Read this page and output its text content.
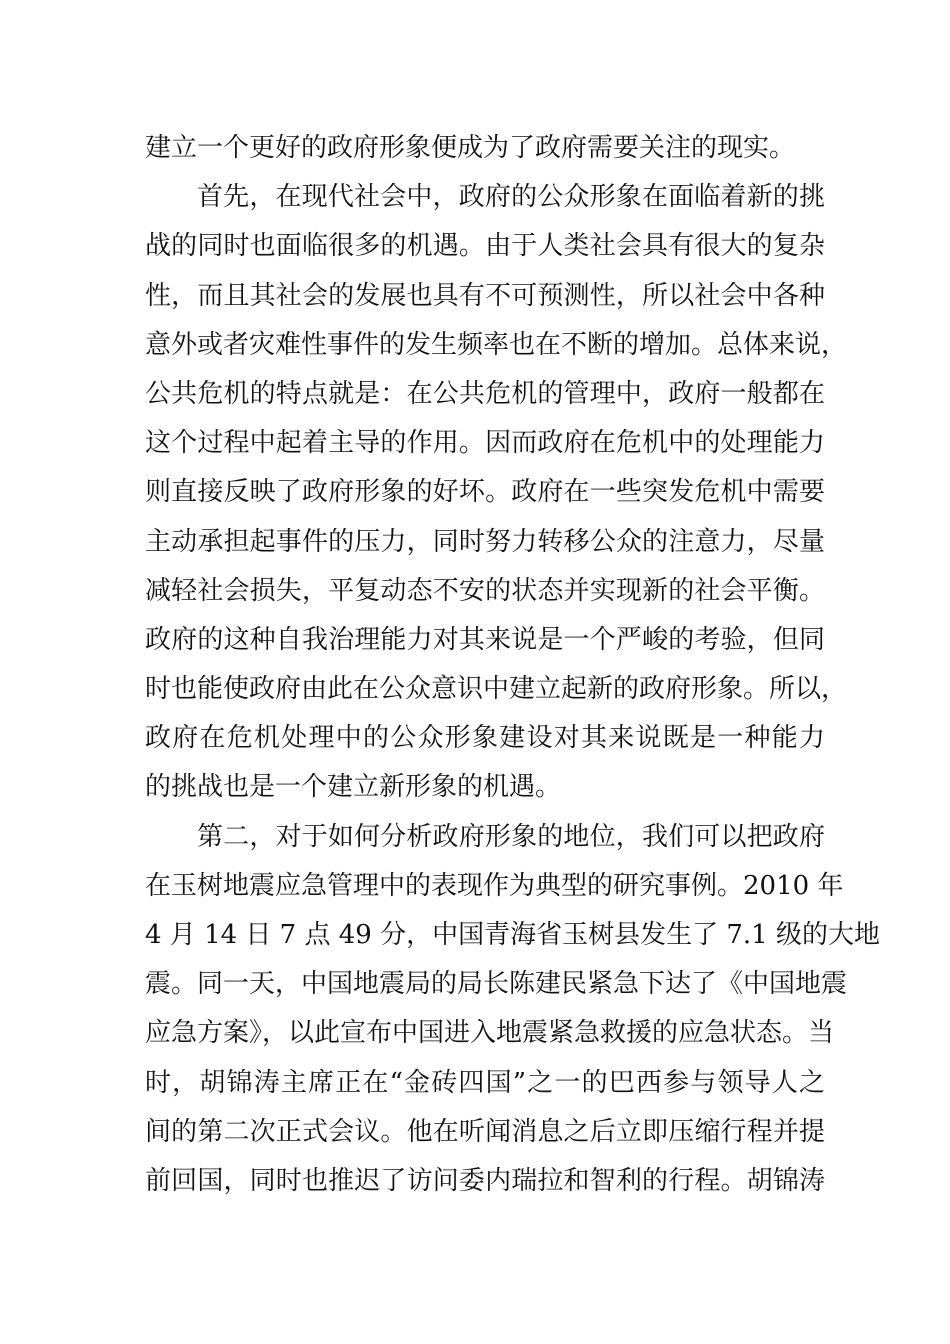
建立一个更好的政府形象便成为了政府需要关注的现实。
首先，在现代社会中，政府的公众形象在面临着新的挑
战的同时也面临很多的机遇。由于人类社会具有很大的复杂
性，而且其社会的发展也具有不可预测性，所以社会中各种
意外或者灾难性事件的发生频率也在不断的增加。总体来说，
公共危机的特点就是：在公共危机的管理中，政府一般都在
这个过程中起着主导的作用。因而政府在危机中的处理能力
则直接反映了政府形象的好坏。政府在一些突发危机中需要
主动承担起事件的压力，同时努力转移公众的注意力，尽量
减轻社会损失，平复动态不安的状态并实现新的社会平衡。
政府的这种自我治理能力对其来说是一个严峻的考验，但同
时也能使政府由此在公众意识中建立起新的政府形象。所以，
政府在危机处理中的公众形象建设对其来说既是一种能力
的挑战也是一个建立新形象的机遇。
第二，对于如何分析政府形象的地位，我们可以把政府
在玉树地震应急管理中的表现作为典型的研究事例。2010 年
4 月 14 日 7 点 49 分，中国青海省玉树县发生了 7.1 级的大地
震。同一天，中国地震局的局长陈建民紧急下达了《中国地震
应急方案》，以此宣布中国进入地震紧急救援的应急状态。当
时，胡锦涛主席正在“金砖四国”之一的巴西参与领导人之
间的第二次正式会议。他在听闻消息之后立即压缩行程并提
前回国，同时也推迟了访问委内瑞拉和智利的行程。胡锦涛
